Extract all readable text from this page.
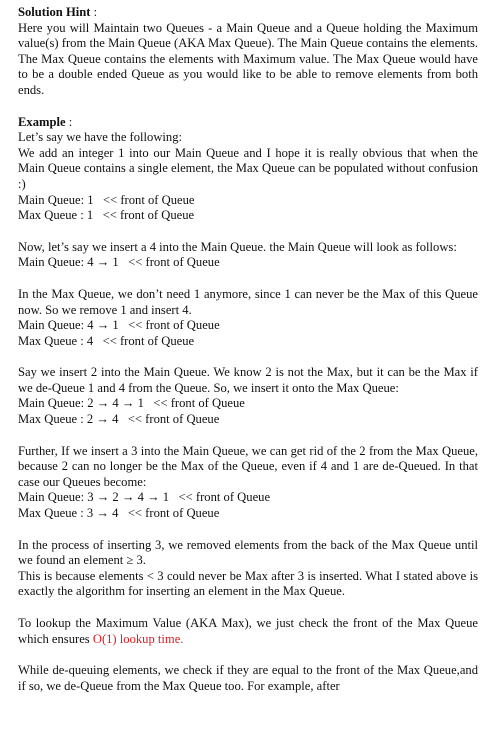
Solution Hint :
Here you will Maintain two Queues - a Main Queue and a Queue holding the Maximum value(s) from the Main Queue (AKA Max Queue). The Main Queue contains the elements. The Max Queue contains the elements with Maximum value. The Max Queue would have to be a double ended Queue as you would like to be able to remove elements from both ends.

Example :
Let’s say we have the following:
We add an integer 1 into our Main Queue and I hope it is really obvious that when the Main Queue contains a single element, the Max Queue can be populated without confusion :)

Main Queue: 1   << front of Queue
Max Queue : 1   << front of Queue

Now, let’s say we insert a 4 into the Main Queue. the Main Queue will look as follows:

Main Queue: 4 → 1   << front of Queue

In the Max Queue, we don’t need 1 anymore, since 1 can never be the Max of this Queue now. So we remove 1 and insert 4.

Main Queue: 4 → 1   << front of Queue
Max Queue : 4   << front of Queue

Say we insert 2 into the Main Queue. We know 2 is not the Max, but it can be the Max if we de-Queue 1 and 4 from the Queue. So, we insert it onto the Max Queue:

Main Queue: 2 → 4 → 1   << front of Queue
Max Queue : 2 → 4   << front of Queue

Further, If we insert a 3 into the Main Queue, we can get rid of the 2 from the Max Queue, because 2 can no longer be the Max of the Queue, even if 4 and 1 are de-Queued. In that case our Queues become:

Main Queue: 3 → 2 → 4 → 1   << front of Queue
Max Queue : 3 → 4   << front of Queue

In the process of inserting 3, we removed elements from the back of the Max Queue until we found an element ≥ 3.

This is because elements < 3 could never be Max after 3 is inserted. What I stated above is exactly the algorithm for inserting an element in the Max Queue.

To lookup the Maximum Value (AKA Max), we just check the front of the Max Queue which ensures O(1) lookup time.

While de-queuing elements, we check if they are equal to the front of the Max Queue,and if so, we de-Queue from the Max Queue too. For example, after
